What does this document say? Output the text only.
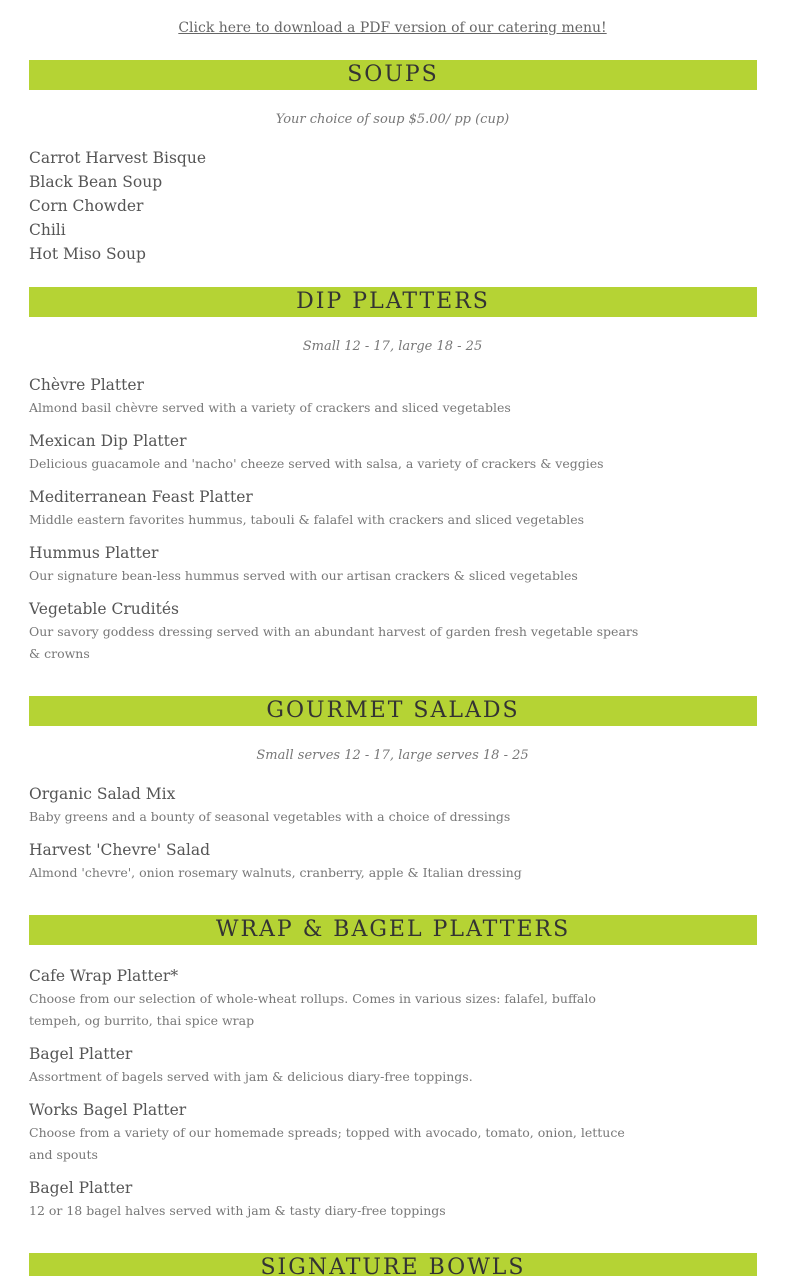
Click here to download a PDF version of our catering menu!
SOUPS
Your choice of soup $5.00/ pp (cup)
Carrot Harvest Bisque
Black Bean Soup
Corn Chowder
Chili
Hot Miso Soup
DIP PLATTERS
Small 12 - 17, large 18 - 25
Chèvre Platter
Almond basil chèvre served with a variety of crackers and sliced vegetables
Mexican Dip Platter
Delicious guacamole and 'nacho' cheeze served with salsa, a variety of crackers & veggies
Mediterranean Feast Platter
Middle eastern favorites hummus, tabouli & falafel with crackers and sliced vegetables
Hummus Platter
Our signature bean-less hummus served with our artisan crackers & sliced vegetables
Vegetable Crudités
Our savory goddess dressing served with an abundant harvest of garden fresh vegetable spears & crowns
GOURMET SALADS
Small serves 12 - 17, large serves 18 - 25
Organic Salad Mix
Baby greens and a bounty of seasonal vegetables with a choice of dressings
Harvest 'Chevre' Salad
Almond 'chevre', onion rosemary walnuts, cranberry, apple & Italian dressing
WRAP & BAGEL PLATTERS
Cafe Wrap Platter*
Choose from our selection of whole-wheat rollups. Comes in various sizes: falafel, buffalo tempeh, og burrito, thai spice wrap
Bagel Platter
Assortment of bagels served with jam & delicious diary-free toppings.
Works Bagel Platter
Choose from a variety of our homemade spreads; topped with avocado, tomato, onion, lettuce and spouts
Bagel Platter
12 or 18 bagel halves served with jam & tasty diary-free toppings
SIGNATURE BOWLS
